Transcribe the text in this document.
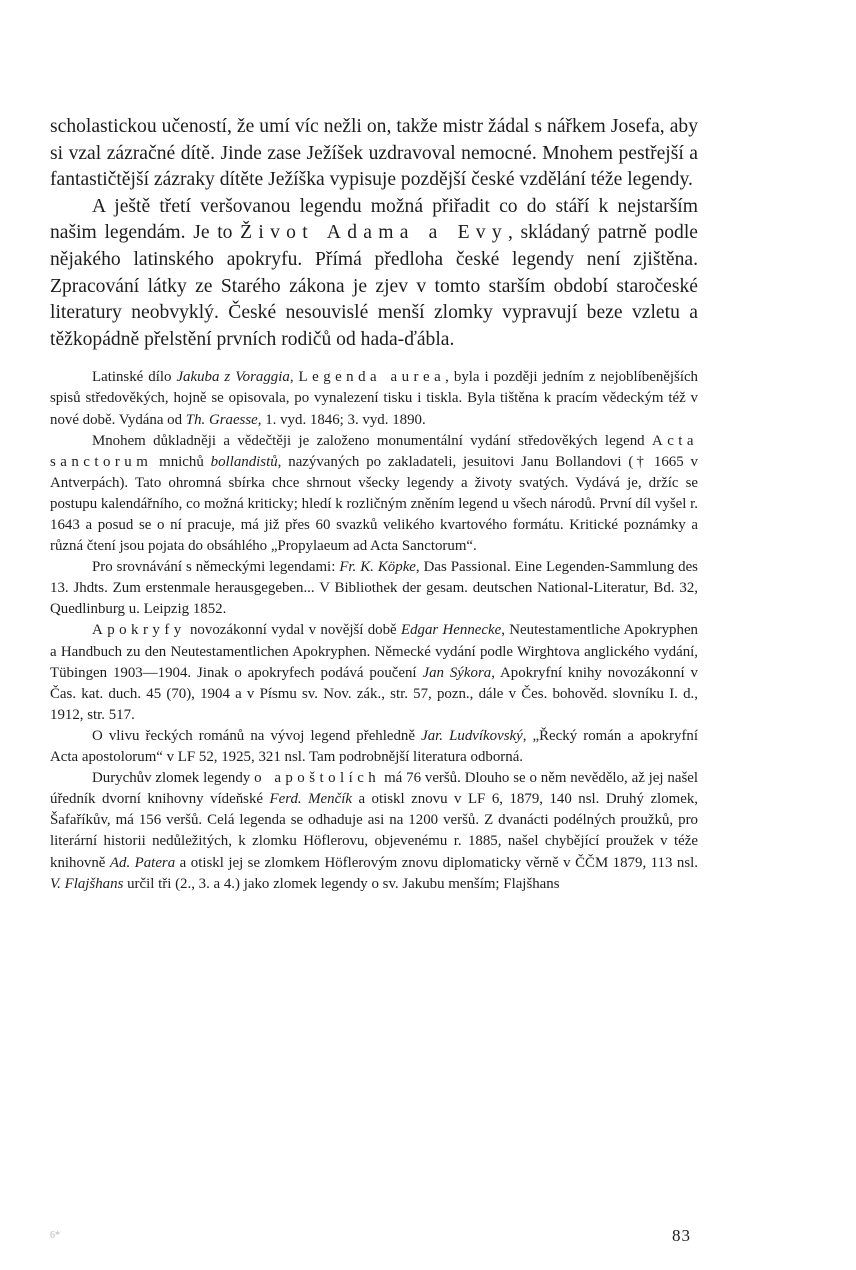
scholastickou učeností, že umí víc nežli on, takže mistr žádal s nářkem Josefa, aby si vzal zázračné dítě. Jinde zase Ježíšek uzdravoval nemocné. Mnohem pestřejší a fantastičtější zázraky dítěte Ježíška vypisuje pozdější české vzdělání téže legendy.

A ještě třetí veršovanou legendu možná přiřadit co do stáří k nejstarším našim legendám. Je to Život Adama a Evy, skládaný patrně podle nějakého latinského apokryfu. Přímá předloha české legendy není zjištěna. Zpracování látky ze Starého zákona je zjev v tomto starším období staročeské literatury neobvyklý. České nesouvislé menší zlomky vypravují beze vzletu a těžkopádně přelstění prvních rodičů od hada-ďábla.

Latinské dílo Jakuba z Voraggia, Legenda aurea, byla i později jedním z nejoblíbenějších spisů středověkých, hojně se opisovala, po vynalezení tisku i tiskla. Byla tištěna k pracím vědeckým též v nové době. Vydána od Th. Graesse, 1. vyd. 1846; 3. vyd. 1890.

Mnohem důkladněji a vědečtěji je založeno monumentální vydání středověkých legend Acta sanctorum mnichů bollandistů, nazývaných po zakladateli, jesuitovi Janu Bollandovi († 1665 v Antverpách). Tato ohromná sbírka chce shrnout všecky legendy a životy svatých. Vydává je, držíc se postupu kalendářního, co možná kriticky; hledí k rozličným zněním legend u všech národů. První díl vyšel r. 1643 a posud se o ní pracuje, má již přes 60 svazků velikého kvartového formátu. Kritické poznámky a různá čtení jsou pojata do obsáhlého „Propylaeum ad Acta Sanctorum“.

Pro srovnávání s německými legendami: Fr. K. Köpke, Das Passional. Eine Legenden-Sammlung des 13. Jhdts. Zum erstenmale herausgegeben... V Bibliothek der gesam. deutschen National-Literatur, Bd. 32, Quedlinburg u. Leipzig 1852.

Apokryfy novozákonní vydal v novější době Edgar Hennecke, Neutestamentliche Apokryphen a Handbuch zu den Neutestamentlichen Apokryphen. Německé vydání podle Wirghtova anglického vydání, Tübingen 1903—1904. Jinak o apokryfech podává poučení Jan Sýkora, Apokryfní knihy novozákonní v Čas. kat. duch. 45 (70), 1904 a v Písmu sv. Nov. zák., str. 57, pozn., dále v Čes. bohověd. slovníku I. d., 1912, str. 517.

O vlivu řeckých románů na vývoj legend přehledně Jar. Ludvíkovský, „Řecký román a apokryfní Acta apostolorum“ v LF 52, 1925, 321 nsl. Tam podrobnější literatura odborná.

Durychův zlomek legendy o apoštolích má 76 veršů. Dlouho se o něm nevědělo, až jej našel úředník dvorní knihovny vídeňské Ferd. Menčík a otiskl znovu v LF 6, 1879, 140 nsl. Druhý zlomek, Šafaříkův, má 156 veršů. Celá legenda se odhaduje asi na 1200 veršů. Z dvanácti podélných proužků, pro literární historii nedůležitých, k zlomku Höflerovu, objevenému r. 1885, našel chybějící proužek v téže knihovně Ad. Patera a otiskl jej se zlomkem Höflerovým znovu diplomaticky věrně v ČČM 1879, 113 nsl. V. Flajšhans určil tři (2., 3. a 4.) jako zlomek legendy o sv. Jakubu menším; Flajšhans

6*	83
